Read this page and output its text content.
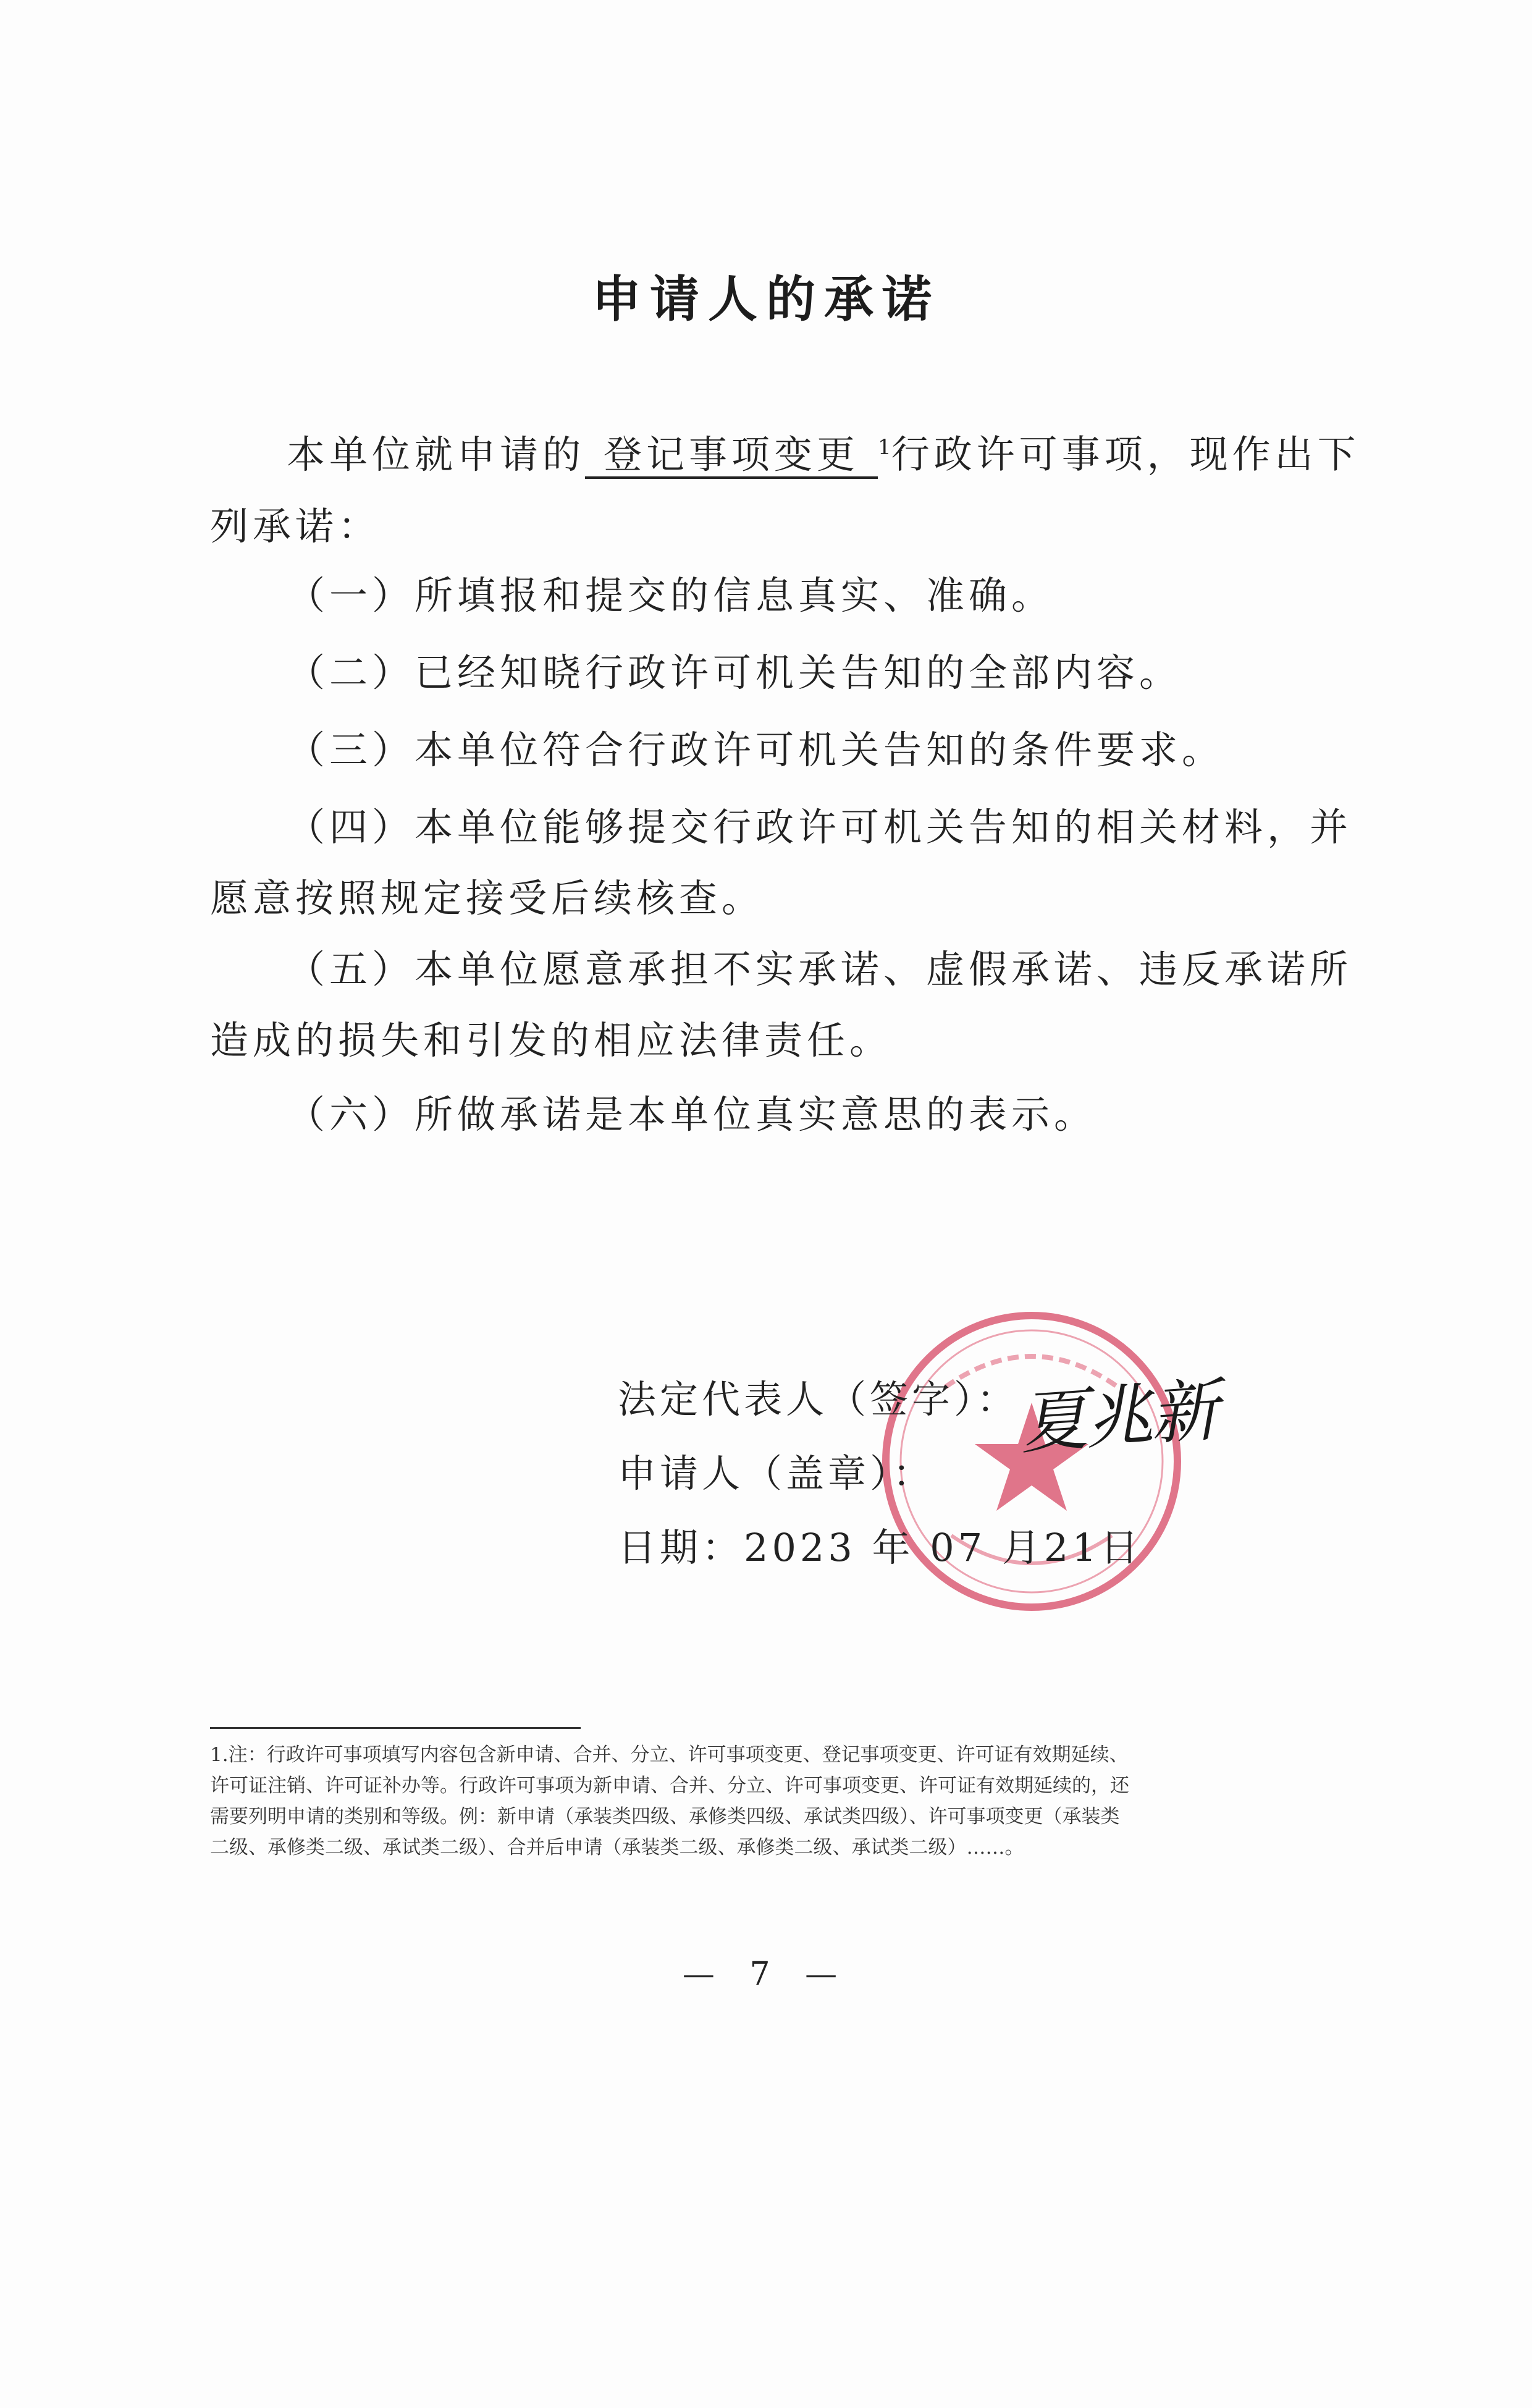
申请人的承诺
本单位就申请的 登记事项变更 $^1$行政许可事项，现作出下
列承诺：
（一）所填报和提交的信息真实、准确。
（二）已经知晓行政许可机关告知的全部内容。
（三）本单位符合行政许可机关告知的条件要求。
（四）本单位能够提交行政许可机关告知的相关材料，并
愿意按照规定接受后续核查。
（五）本单位愿意承担不实承诺、虚假承诺、违反承诺所
造成的损失和引发的相应法律责任。
（六）所做承诺是本单位真实意思的表示。
法定代表人（签字）：
夏兆新
申请人（盖章）：
日期：2023 年 07 月21日
1.注：行政许可事项填写内容包含新申请、合并、分立、许可事项变更、登记事项变更、许可证有效期延续、
许可证注销、许可证补办等。行政许可事项为新申请、合并、分立、许可事项变更、许可证有效期延续的，还
需要列明申请的类别和等级。例：新申请（承装类四级、承修类四级、承试类四级）、许可事项变更（承装类
二级、承修类二级、承试类二级）、合并后申请（承装类二级、承修类二级、承试类二级）……。
— 7 —
